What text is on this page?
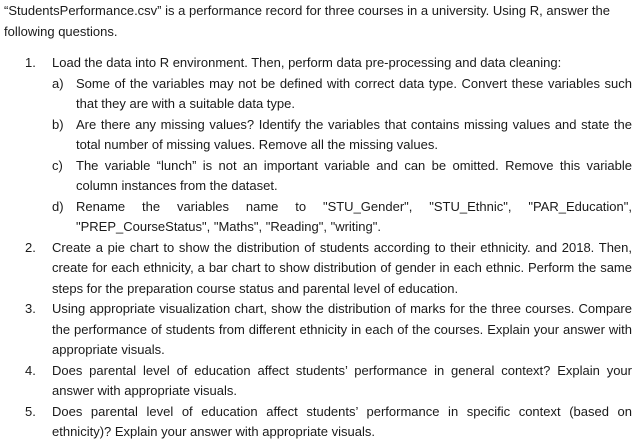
“StudentsPerformance.csv” is a performance record for three courses in a university. Using R, answer the following questions.

1. Load the data into R environment. Then, perform data pre-processing and data cleaning:
a) Some of the variables may not be defined with correct data type. Convert these variables such that they are with a suitable data type.
b) Are there any missing values? Identify the variables that contains missing values and state the total number of missing values. Remove all the missing values.
c) The variable “lunch” is not an important variable and can be omitted. Remove this variable column instances from the dataset.
d) Rename the variables name to "STU_Gender", "STU_Ethnic", "PAR_Education", "PREP_CourseStatus", "Maths", "Reading", "writing".
2. Create a pie chart to show the distribution of students according to their ethnicity. and 2018. Then, create for each ethnicity, a bar chart to show distribution of gender in each ethnic. Perform the same steps for the preparation course status and parental level of education.
3. Using appropriate visualization chart, show the distribution of marks for the three courses. Compare the performance of students from different ethnicity in each of the courses. Explain your answer with appropriate visuals.
4. Does parental level of education affect students’ performance in general context? Explain your answer with appropriate visuals.
5. Does parental level of education affect students’ performance in specific context (based on ethnicity)? Explain your answer with appropriate visuals.
